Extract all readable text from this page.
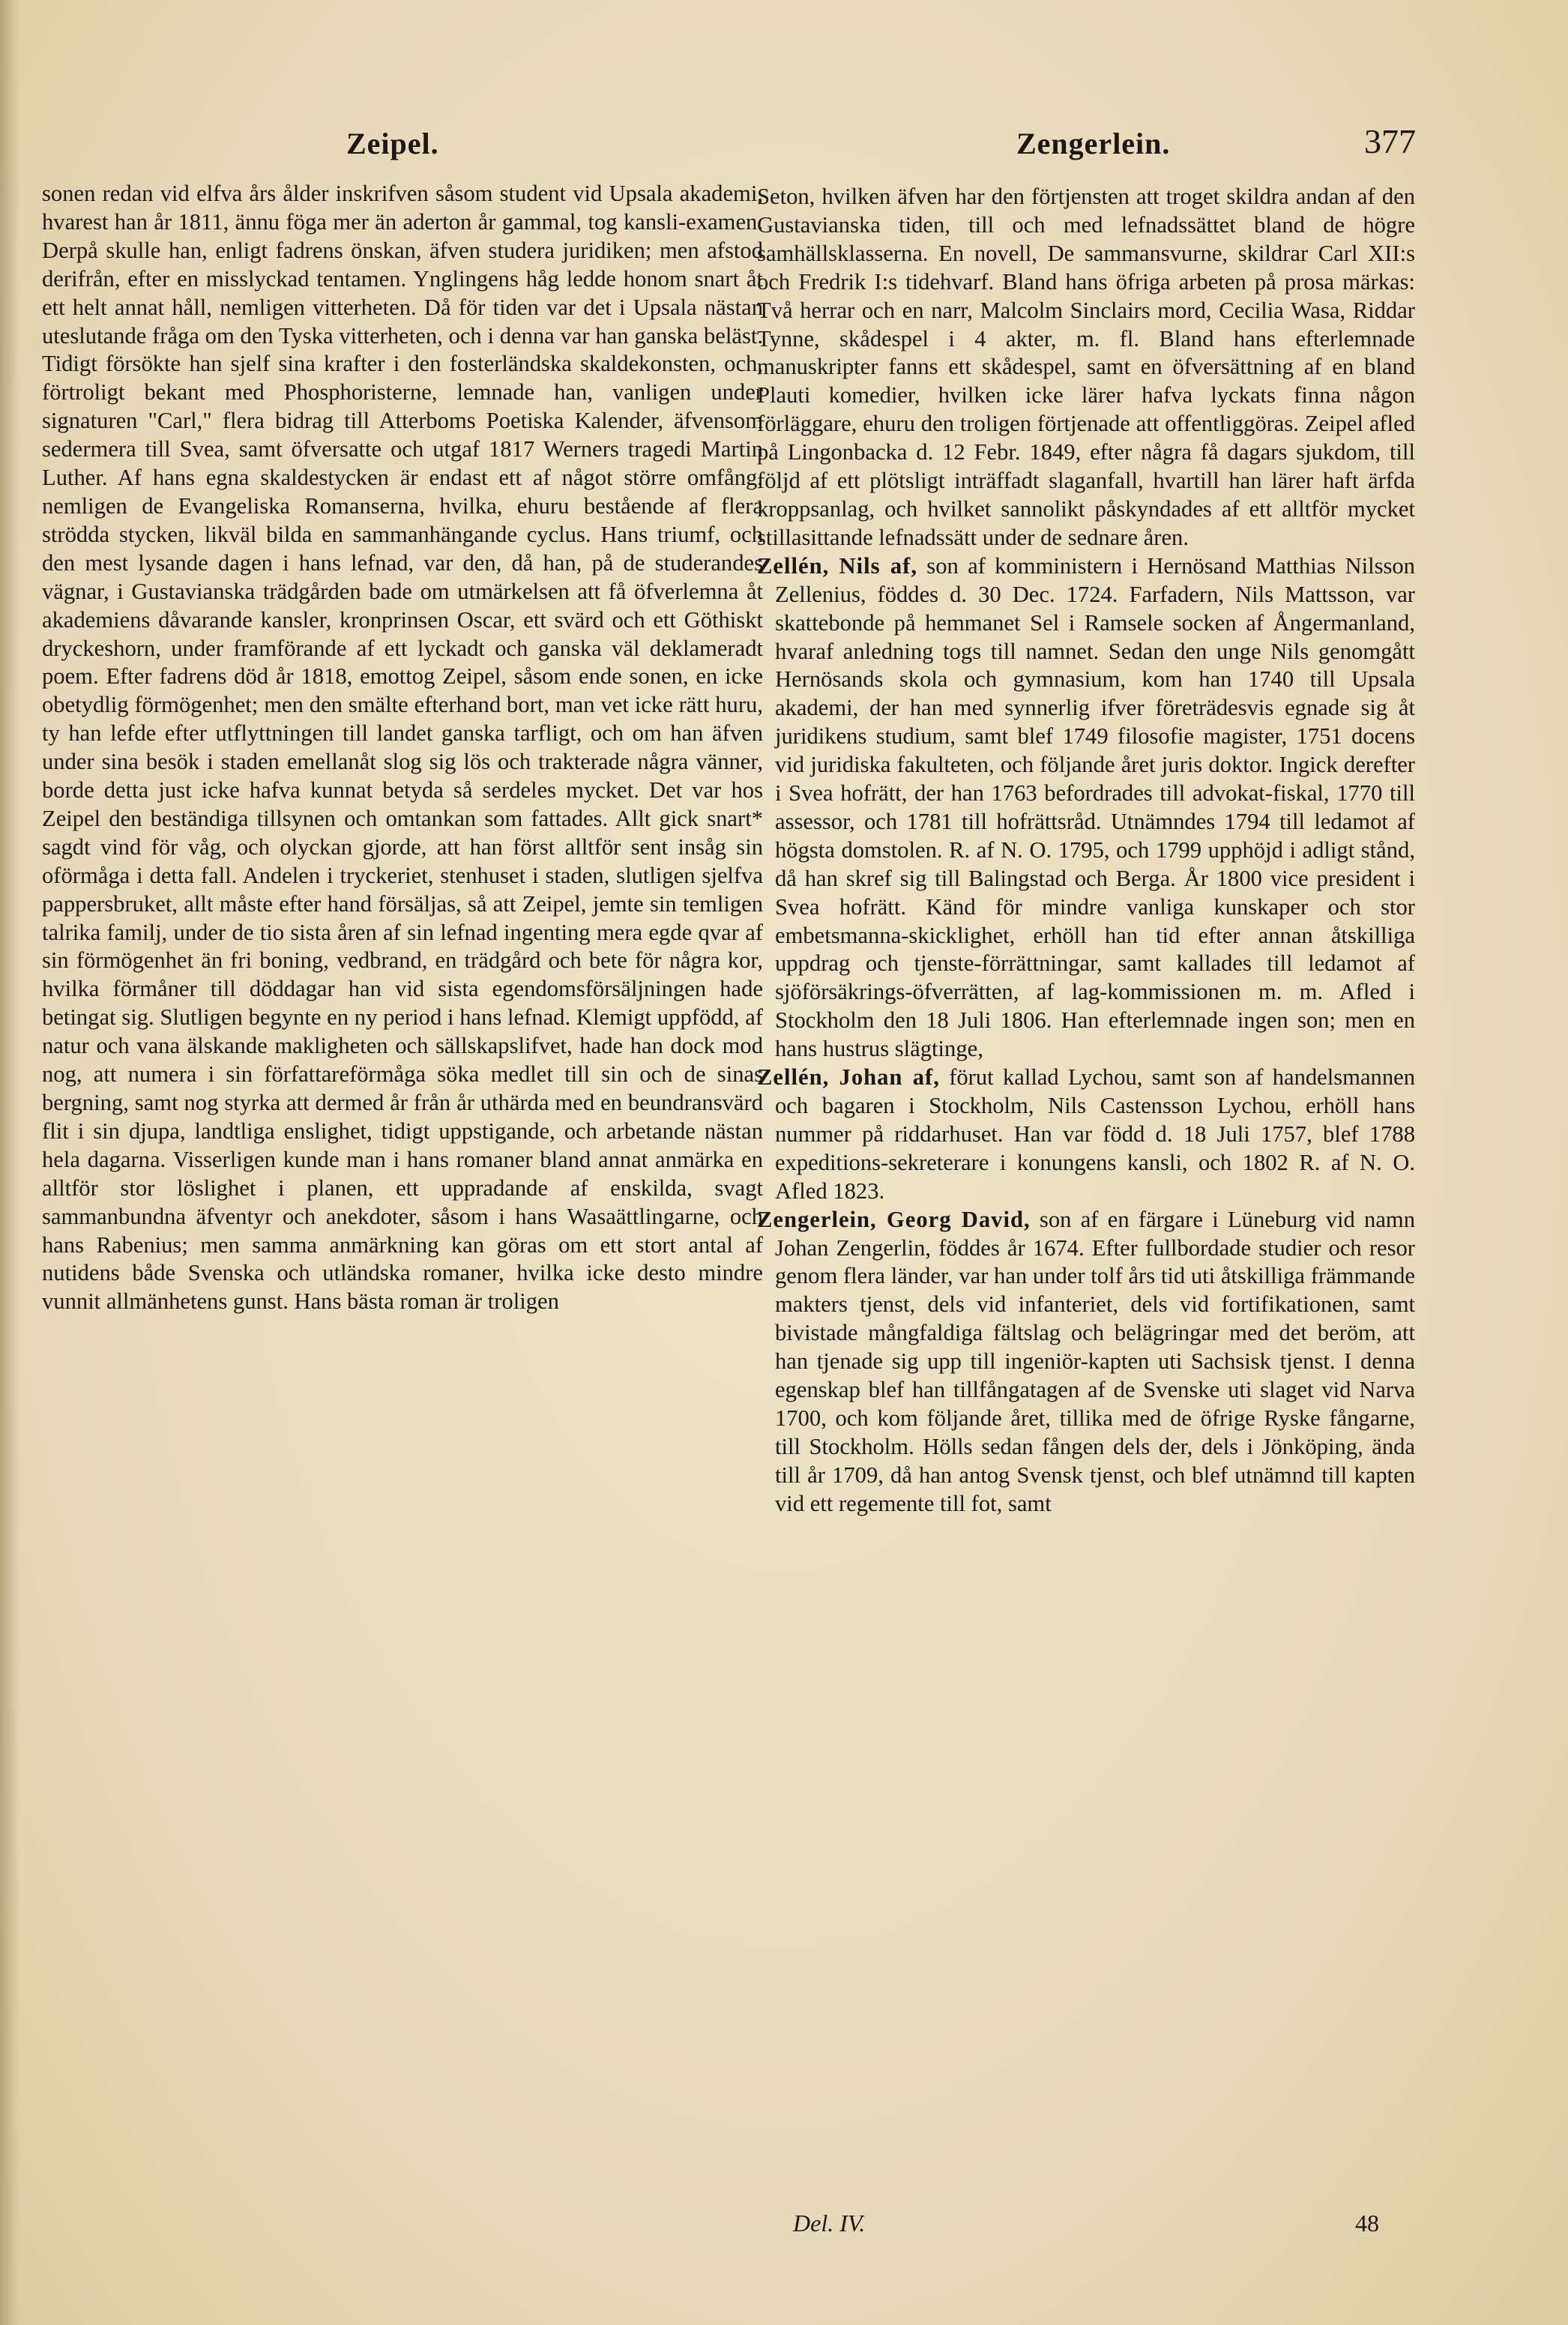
Zeipel.	Zengerlein.	377

sonen redan vid elfva års ålder inskrifven såsom student vid Upsala akademi, hvarest han år 1811, ännu föga mer än aderton år gammal, tog kansli-examen. Derpå skulle han, enligt fadrens önskan, äfven studera juridiken; men afstod derifrån, efter en misslyckad tentamen. Ynglingens håg ledde honom snart åt ett helt annat håll, nemligen vitterheten. Då för tiden var det i Upsala nästan uteslutande fråga om den Tyska vitterheten, och i denna var han ganska beläst. Tidigt försökte han sjelf sina krafter i den fosterländska skaldekonsten, och, förtroligt bekant med Phosphoristerne, lemnade han, vanligen under signaturen "Carl," flera bidrag till Atterboms Poetiska Kalender, äfvensom sedermera till Svea, samt öfversatte och utgaf 1817 Werners tragedi Martin Luther. Af hans egna skaldestycken är endast ett af något större omfång, nemligen de Evangeliska Romanserna, hvilka, ehuru bestående af flera ströddа stycken, likväl bilda en sammanhängande cyclus. Hans triumf, och den mest lysande dagen i hans lefnad, var den, då han, på de studerandes vägnar, i Gustavianska trädgården bade om utmärkelsen att få öfverlemna åt akademiens dåvarande kansler, kronprinsen Oscar, ett svärd och ett Göthiskt dryckeshorn, under framförande af ett lyckadt och ganska väl deklameradt poem. Efter fadrens död år 1818, emottog Zeipel, såsom ende sonen, en icke obetydlig förmögenhet; men den smälte efterhand bort, man vet icke rätt huru, ty han lefde efter utflyttningen till landet ganska tarfligt, och om han äfven under sina besök i staden emellanåt slog sig lös och trakterade några vänner, borde detta just icke hafva kunnat betyda så serdeles mycket. Det var hos Zeipel den beständiga tillsynen och omtankan som fattades. Allt gick snart* sagdt vind för våg, och olyckan gjorde, att han först alltför sent insåg sin oförmåga i detta fall. Andelen i tryckeriet, stenhuset i staden, slutligen sjelfva pappersbruket, allt måste efter hand försäljas, så att Zeipel, jemte sin temligen talrika familj, under de tio sista åren af sin lefnad ingenting mera egde qvar af sin förmögenhet än fri boning, vedbrand, en trädgård och bete för några kor, hvilka förmåner till döddagar han vid sista egendomsförsäljningen hade betingat sig. Slutligen begynte en ny period i hans lefnad. Klemigt uppfödd, af natur och vana älskande makligheten och sällskapslifvet, hade han dock mod nog, att numera i sin författareförmåga söka medlet till sin och de sinas bergning, samt nog styrka att dermed år från år uthärda med en beundransvärd flit i sin djupa, landtliga enslighet, tidigt uppstigande, och arbetande nästan hela dagarna. Visserligen kunde man i hans romaner bland annat anmärka en alltför stor löslighet i planen, ett uppradande af enskilda, svagt sammanbundna äfventyr och anekdoter, såsom i hans Wasaättlingarne, och hans Rabenius; men samma anmärkning kan göras om ett stort antal af nutidens både Svenska och utländska romaner, hvilka icke desto mindre vunnit allmänhetens gunst. Hans bästa roman är troligen

Seton, hvilken äfven har den förtjensten att troget skildra andan af den Gustavianska tiden, till och med lefnadssättet bland de högre samhällsklasserna. En novell, De sammansvurne, skildrar Carl XII:s och Fredrik I:s tidehvarf. Bland hans öfriga arbeten på prosa märkas: Två herrar och en narr, Malcolm Sinclairs mord, Cecilia Wasa, Riddar Tynne, skådespel i 4 akter, m. fl. Bland hans efterlemnade manuskripter fanns ett skådespel, samt en öfversättning af en bland Plauti komedier, hvilken icke lärer hafva lyckats finna någon förläggare, ehuru den troligen förtjenade att offentliggöras. Zeipel afled på Lingonbacka d. 12 Febr. 1849, efter några få dagars sjukdom, till följd af ett plötsligt inträffadt slaganfall, hvartill han lärer haft ärfda kroppsanlag, och hvilket sannolikt påskyndades af ett alltför mycket stillasittande lefnadssätt under de sednare åren.

Zellén, Nils af, son af komministern i Hernösand Matthias Nilsson Zellenius, föddes d. 30 Dec. 1724. Farfadern, Nils Mattsson, var skattebonde på hemmanet Sel i Ramsele socken af Ångermanland, hvaraf anledning togs till namnet. Sedan den unge Nils genomgått Hernösands skola och gymnasium, kom han 1740 till Upsala akademi, der han med synnerlig ifver företrädesvis egnade sig åt juridikens studium, samt blef 1749 filosofie magister, 1751 docens vid juridiska fakulteten, och följande året juris doktor. Ingick derefter i Svea hofrätt, der han 1763 befordrades till advokat-fiskal, 1770 till assessor, och 1781 till hofrättsråd. Utnämndes 1794 till ledamot af högsta domstolen. R. af N. O. 1795, och 1799 upphöjd i adligt stånd, då han skref sig till Balingstad och Berga. År 1800 vice president i Svea hofrätt. Känd för mindre vanliga kunskaper och stor embetsmanna-skicklighet, erhöll han tid efter annan åtskilliga uppdrag och tjenste-förrättningar, samt kallades till ledamot af sjöförsäkrings-öfverrätten, af lag-kommissionen m. m. Afled i Stockholm den 18 Juli 1806. Han efterlemnade ingen son; men en hans hustrus slägtinge,

Zellén, Johan af, förut kallad Lychou, samt son af handelsmannen och bagaren i Stockholm, Nils Castensson Lychou, erhöll hans nummer på riddarhuset. Han var född d. 18 Juli 1757, blef 1788 expeditions-sekreterare i konungens kansli, och 1802 R. af N. O. Afled 1823.

Zengerlein, Georg David, son af en färgare i Lüneburg vid namn Johan Zengerlin, föddes år 1674. Efter fullbordade studier och resor genom flera länder, var han under tolf års tid uti åtskilliga främmande makters tjenst, dels vid infanteriet, dels vid fortifikationen, samt bivistade mångfaldiga fältslag och belägringar med det beröm, att han tjenade sig upp till ingeniör-kapten uti Sachsisk tjenst. I denna egenskap blef han tillfångatagen af de Svenske uti slaget vid Narva 1700, och kom följande året, tillika med de öfrige Ryske fångarne, till Stockholm. Hölls sedan fången dels der, dels i Jönköping, ända till år 1709, då han antog Svensk tjenst, och blef utnämnd till kapten vid ett regemente till fot, samt

Del. IV.	48
